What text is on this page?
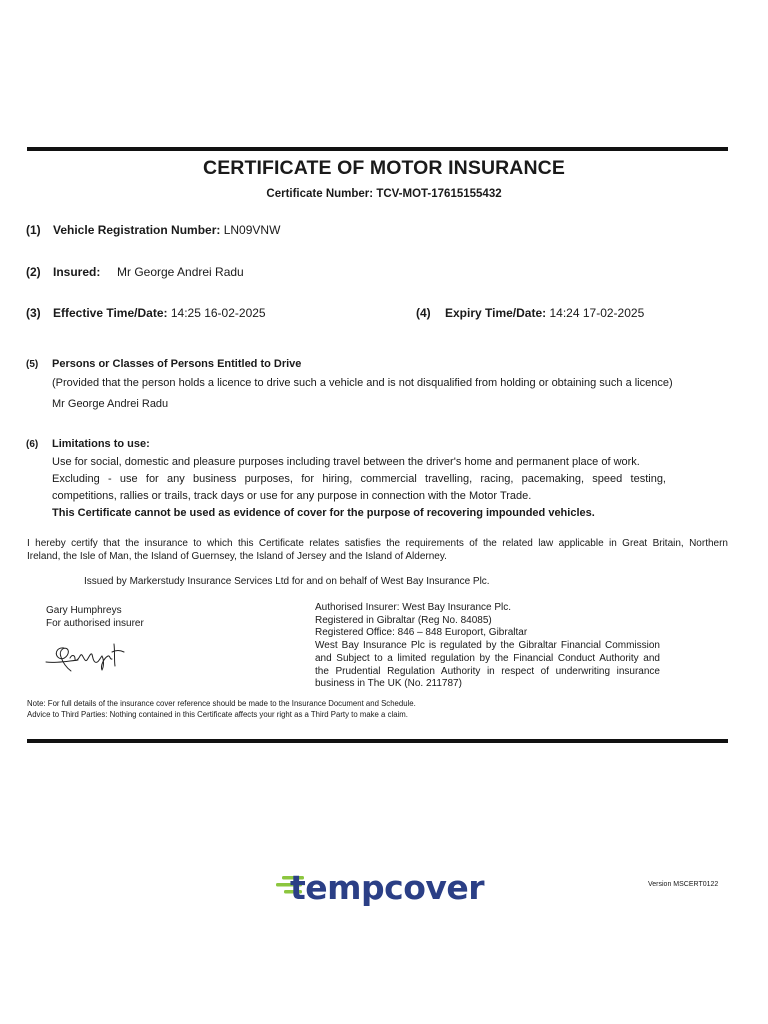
CERTIFICATE OF MOTOR INSURANCE
Certificate Number: TCV-MOT-17615155432
(1) Vehicle Registration Number: LN09VNW
(2) Insured: Mr George Andrei Radu
(3) Effective Time/Date: 14:25 16-02-2025	(4) Expiry Time/Date: 14:24 17-02-2025
(5) Persons or Classes of Persons Entitled to Drive
(Provided that the person holds a licence to drive such a vehicle and is not disqualified from holding or obtaining such a licence)
Mr George Andrei Radu
(6) Limitations to use:
Use for social, domestic and pleasure purposes including travel between the driver's home and permanent place of work.
Excluding - use for any business purposes, for hiring, commercial travelling, racing, pacemaking, speed testing,
competitions, rallies or trails, track days or use for any purpose in connection with the Motor Trade.
This Certificate cannot be used as evidence of cover for the purpose of recovering impounded vehicles.
I hereby certify that the insurance to which this Certificate relates satisfies the requirements of the related law applicable in Great Britain, Northern
Ireland, the Isle of Man, the Island of Guernsey, the Island of Jersey and the Island of Alderney.
Issued by Markerstudy Insurance Services Ltd for and on behalf of West Bay Insurance Plc.
Gary Humphreys
For authorised insurer
Authorised Insurer: West Bay Insurance Plc.
Registered in Gibraltar (Reg No. 84085)
Registered Office: 846 – 848 Europort, Gibraltar
West Bay Insurance Plc is regulated by the Gibraltar Financial Commission
and Subject to a limited regulation by the Financial Conduct Authority and
the Prudential Regulation Authority in respect of underwriting insurance
business in The UK (No. 211787)
Note: For full details of the insurance cover reference should be made to the Insurance Document and Schedule.
Advice to Third Parties: Nothing contained in this Certificate affects your right as a Third Party to make a claim.
tempcover	Version MSCERT0122
